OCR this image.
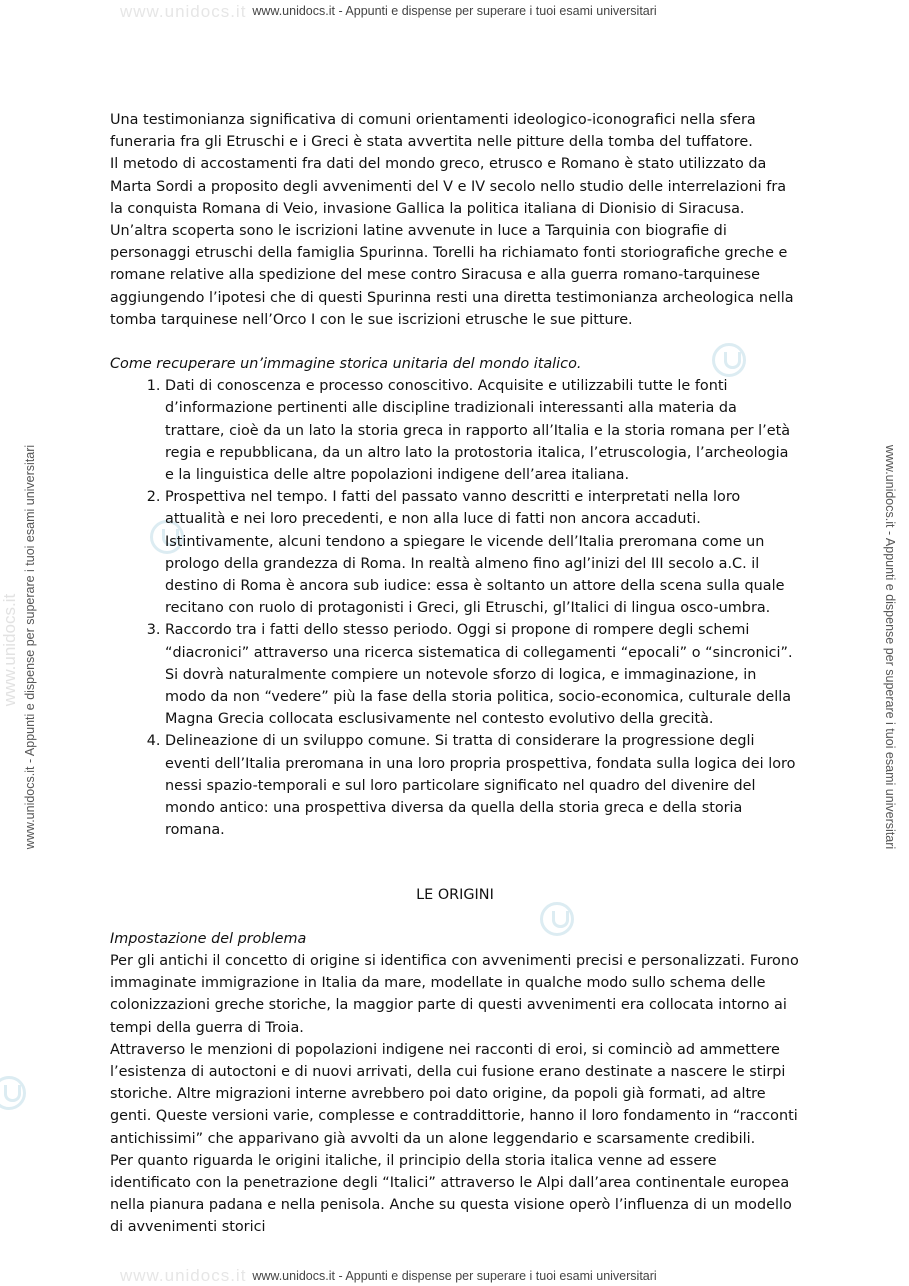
www.unidocs.it - Appunti e dispense per superare i tuoi esami universitari
www.unidocs.it - Appunti e dispense per superare i tuoi esami universitari
www.unidocs.it
www.unidocs.it
www.unidocs.it - Appunti e dispense per superare i tuoi esami universitari
www.unidocs.it	www.unidocs.it - Appunti e dispense per superare i tuoi esami universitari

Una testimonianza significativa di comuni orientamenti ideologico-iconografici nella sfera funeraria fra gli Etruschi e i Greci è stata avvertita nelle pitture della tomba del tuffatore.

Il metodo di accostamenti fra dati del mondo greco, etrusco e Romano è stato utilizzato da Marta Sordi a proposito degli avvenimenti del V e IV secolo nello studio delle interrelazioni fra la conquista Romana di Veio, invasione Gallica la politica italiana di Dionisio di Siracusa. Un’altra scoperta sono le iscrizioni latine avvenute in luce a Tarquinia con biografie di personaggi etruschi della famiglia Spurinna. Torelli ha richiamato fonti storiografiche greche e romane relative alla spedizione del mese contro Siracusa e alla guerra romano-tarquinese aggiungendo l’ipotesi che di questi Spurinna resti una diretta testimonianza archeologica nella tomba tarquinese nell’Orco I con le sue iscrizioni etrusche le sue pitture.

Come recuperare un’immagine storica unitaria del mondo italico.

1. Dati di conoscenza e processo conoscitivo. Acquisite e utilizzabili tutte le fonti d’informazione pertinenti alle discipline tradizionali interessanti alla materia da trattare, cioè da un lato la storia greca in rapporto all’Italia e la storia romana per l’età regia e repubblicana, da un altro lato la protostoria italica, l’etruscologia, l’archeologia e la linguistica delle altre popolazioni indigene dell’area italiana.
2. Prospettiva nel tempo. I fatti del passato vanno descritti e interpretati nella loro attualità e nei loro precedenti, e non alla luce di fatti non ancora accaduti. Istintivamente, alcuni tendono a spiegare le vicende dell’Italia preromana come un prologo della grandezza di Roma. In realtà almeno fino agl’inizi del III secolo a.C. il destino di Roma è ancora sub iudice: essa è soltanto un attore della scena sulla quale recitano con ruolo di protagonisti i Greci, gli Etruschi, gl’Italici di lingua osco-umbra.
3. Raccordo tra i fatti dello stesso periodo. Oggi si propone di rompere degli schemi “diacronici” attraverso una ricerca sistematica di collegamenti “epocali” o “sincronici”. Si dovrà naturalmente compiere un notevole sforzo di logica, e immaginazione, in modo da non “vedere” più la fase della storia politica, socio-economica, culturale della Magna Grecia collocata esclusivamente nel contesto evolutivo della grecità.
4. Delineazione di un sviluppo comune. Si tratta di considerare la progressione degli eventi dell’Italia preromana in una loro propria prospettiva, fondata sulla logica dei loro nessi spazio-temporali e sul loro particolare significato nel quadro del divenire del mondo antico: una prospettiva diversa da quella della storia greca e della storia romana.

LE ORIGINI

Impostazione del problema

Per gli antichi il concetto di origine si identifica con avvenimenti precisi e personalizzati. Furono immaginate immigrazione in Italia da mare, modellate in qualche modo sullo schema delle colonizzazioni greche storiche, la maggior parte di questi avvenimenti era collocata intorno ai tempi della guerra di Troia.

Attraverso le menzioni di popolazioni indigene nei racconti di eroi, si cominciò ad ammettere l’esistenza di autoctoni e di nuovi arrivati, della cui fusione erano destinate a nascere le stirpi storiche. Altre migrazioni interne avrebbero poi dato origine, da popoli già formati, ad altre genti. Queste versioni varie, complesse e contraddittorie, hanno il loro fondamento in “racconti antichissimi” che apparivano già avvolti da un alone leggendario e scarsamente credibili.

Per quanto riguarda le origini italiche, il principio della storia italica venne ad essere identificato con la penetrazione degli “Italici” attraverso le Alpi dall’area continentale europea nella pianura padana e nella penisola. Anche su questa visione operò l’influenza di un modello di avvenimenti storici
